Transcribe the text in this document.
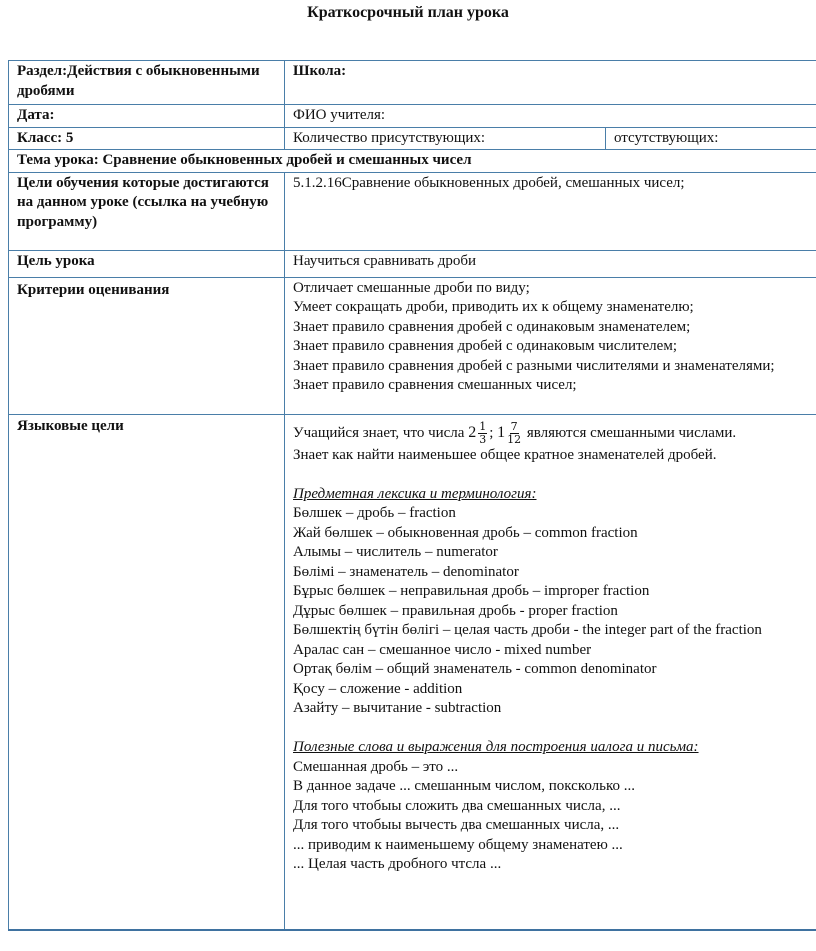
Краткосрочный план урока
Раздел:Действия с обыкновенными дробями	Школа:	
Дата:	ФИО учителя:	
Класс: 5	Количество присутствующих:	отсутствующих:
Тема урока: Сравнение обыкновенных дробей и смешанных чисел		
Цели обучения которые достигаются на данном уроке (ссылка на учебную программу)	5.1.2.16Сравнение обыкновенных дробей, смешанных чисел;	
Цель урока	Научиться сравнивать дроби	
Критерии оценивания	Отличает смешанные дроби по виду;
Умеет сокращать дроби, приводить их к общему знаменателю;
Знает правило сравнения дробей с одинаковым знаменателем;
Знает правило сравнения дробей с одинаковым числителем;
Знает правило сравнения дробей с разными числителями и знаменателями;
Знает правило сравнения смешанных чисел;

Языковые цели	Учащийся знает, что числа $2 \frac{1}{3}$ ; $1 \frac{7}{12}$ являются смешанными числами.
Знает как найти наименьшее общее кратное знаменателей дробей.
Предметная лексика и терминология:
Бөлшек – дробь – fraction
Жай бөлшек – обыкновенная дробь – common fraction
Алымы – числитель – numerator
Бөлімі – знаменатель – denominator
Бұрыс бөлшек – неправильная дробь – improper fraction
Дұрыс бөлшек – правильная дробь - proper fraction
Бөлшектің бүтін бөлігі – целая часть дроби - the integer part of the fraction
Аралас сан – смешанное число - mixed number
Ортақ бөлім – общий знаменатель - common denominator
Қосу – сложение - addition
Азайту – вычитание - subtraction
Полезные слова и выражения для построения иалога и письма:
Смешанная дробь – это ...
В данное задаче ... смешанным числом, поксколько ...
Для того чтобыы сложить два смешанных числа, ...
Для того чтобыы вычесть два смешанных числа, ...
... приводим к наименьшему общему знаменатею ...
... Целая часть дробного чтсла ...
